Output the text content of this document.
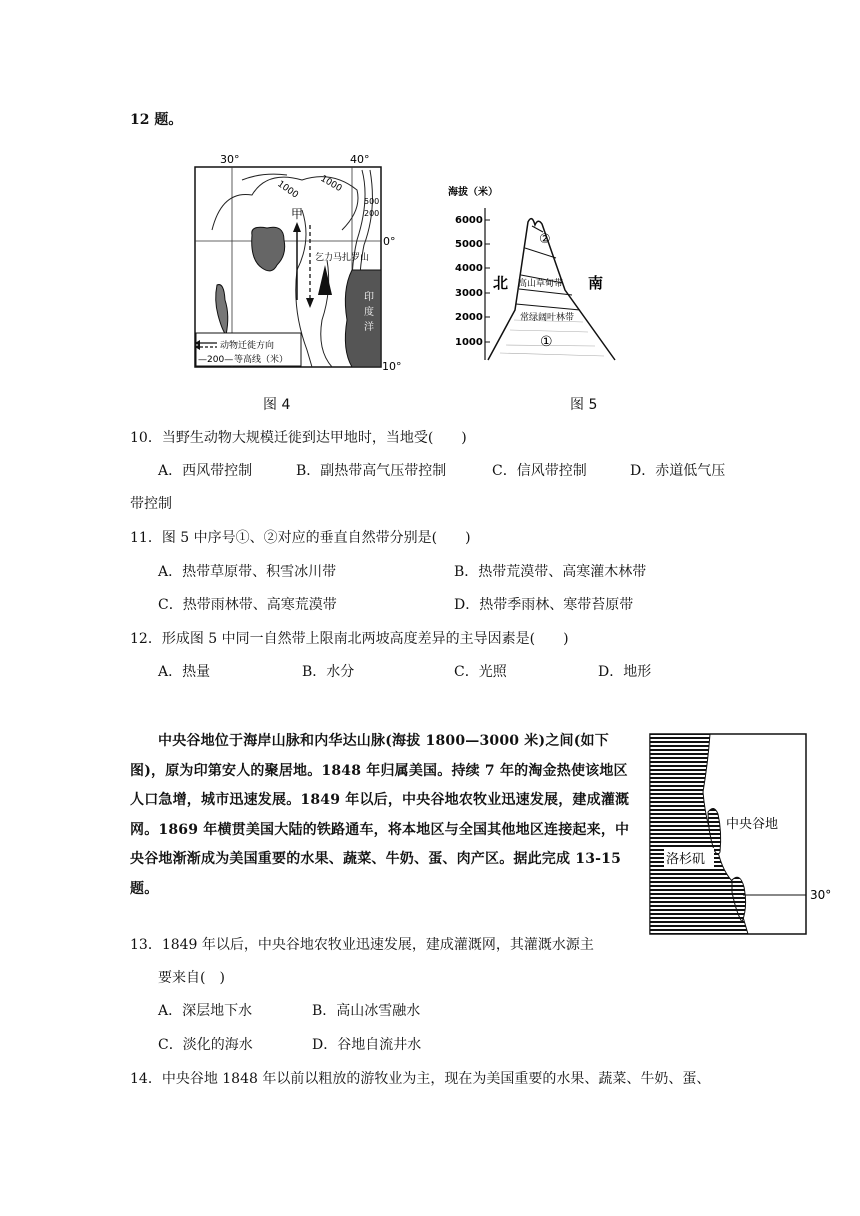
12 题。
30°	40°
0°
10°
1000 1000
500
200
印
度
洋
甲
乞力马扎罗山
动物迁徙方向
—200— 等高线（米）
海拔（米）
6000
5000
4000
3000
2000
1000
②
高山草甸带
常绿阔叶林带
①
北	南
图 4	图 5
10．当野生动物大规模迁徙到达甲地时，当地受(　　)
A．西风带控制	B．副热带高气压带控制	C．信风带控制	D．赤道低气压
带控制
11．图 5 中序号①、②对应的垂直自然带分别是(　　)
A．热带草原带、积雪冰川带	B．热带荒漠带、高寒灌木林带
C．热带雨林带、高寒荒漠带	D．热带季雨林、寒带苔原带
12．形成图 5 中同一自然带上限南北两坡高度差异的主导因素是(　　)
A．热量	B．水分	C．光照	D．地形
中央谷地位于海岸山脉和内华达山脉(海拔 1800—3000 米)之间(如下图)，原为印第安人的聚居地。1848 年归属美国。持续 7 年的淘金热使该地区人口急增，城市迅速发展。1849 年以后，中央谷地农牧业迅速发展，建成灌溉网。1869 年横贯美国大陆的铁路通车，将本地区与全国其他地区连接起来，中央谷地渐渐成为美国重要的水果、蔬菜、牛奶、蛋、肉产区。据此完成 13-15 题。	30°
中央谷地
洛杉矶
13．1849 年以后，中央谷地农牧业迅速发展，建成灌溉网，其灌溉水源主
要来自(　)
A．深层地下水	B．高山冰雪融水
C．淡化的海水	D．谷地自流井水
14．中央谷地 1848 年以前以粗放的游牧业为主，现在为美国重要的水果、蔬菜、牛奶、蛋、
